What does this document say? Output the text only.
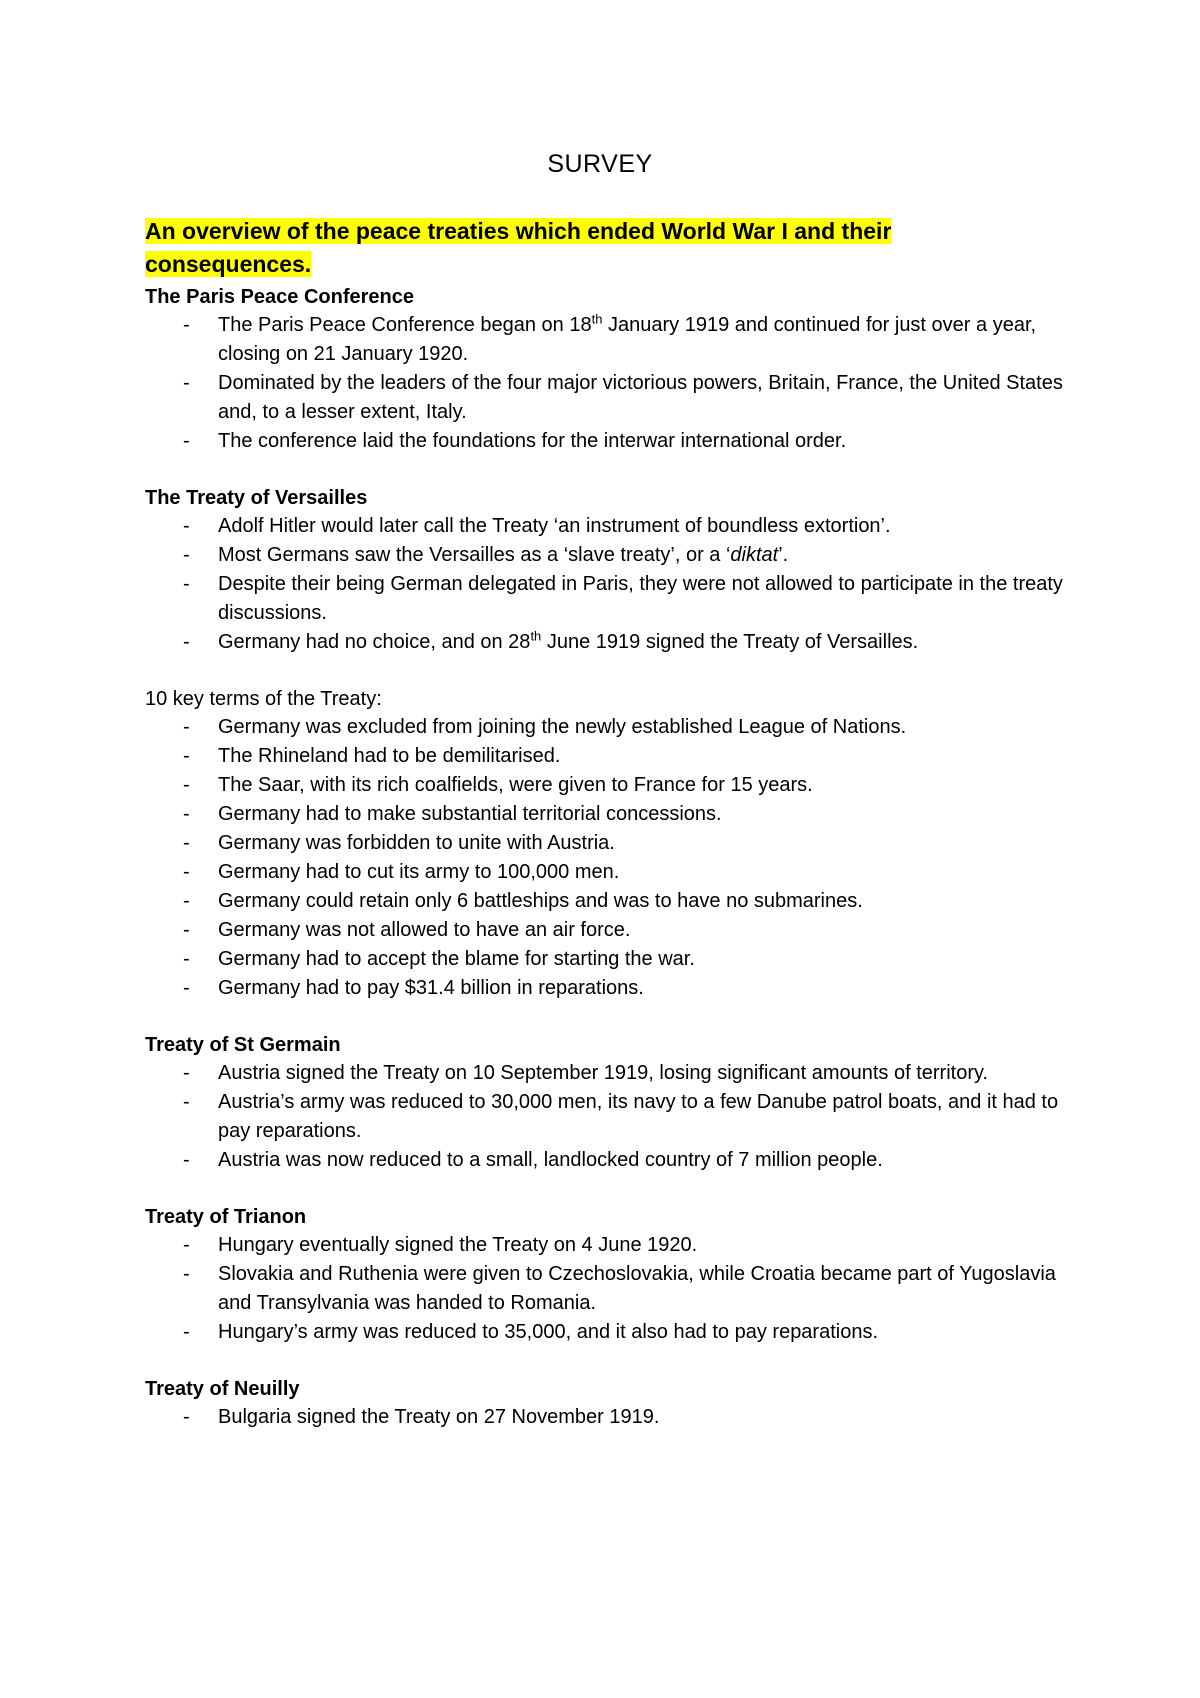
SURVEY

An overview of the peace treaties which ended World War I and their consequences.

The Paris Peace Conference

- The Paris Peace Conference began on 18th January 1919 and continued for just over a year, closing on 21 January 1920.
- Dominated by the leaders of the four major victorious powers, Britain, France, the United States and, to a lesser extent, Italy.
- The conference laid the foundations for the interwar international order.

The Treaty of Versailles

- Adolf Hitler would later call the Treaty ‘an instrument of boundless extortion’.
- Most Germans saw the Versailles as a ‘slave treaty’, or a ‘diktat’.
- Despite their being German delegated in Paris, they were not allowed to participate in the treaty discussions.
- Germany had no choice, and on 28th June 1919 signed the Treaty of Versailles.

10 key terms of the Treaty:

- Germany was excluded from joining the newly established League of Nations.
- The Rhineland had to be demilitarised.
- The Saar, with its rich coalfields, were given to France for 15 years.
- Germany had to make substantial territorial concessions.
- Germany was forbidden to unite with Austria.
- Germany had to cut its army to 100,000 men.
- Germany could retain only 6 battleships and was to have no submarines.
- Germany was not allowed to have an air force.
- Germany had to accept the blame for starting the war.
- Germany had to pay $31.4 billion in reparations.

Treaty of St Germain

- Austria signed the Treaty on 10 September 1919, losing significant amounts of territory.
- Austria’s army was reduced to 30,000 men, its navy to a few Danube patrol boats, and it had to pay reparations.
- Austria was now reduced to a small, landlocked country of 7 million people.

Treaty of Trianon

- Hungary eventually signed the Treaty on 4 June 1920.
- Slovakia and Ruthenia were given to Czechoslovakia, while Croatia became part of Yugoslavia and Transylvania was handed to Romania.
- Hungary’s army was reduced to 35,000, and it also had to pay reparations.

Treaty of Neuilly

- Bulgaria signed the Treaty on 27 November 1919.
